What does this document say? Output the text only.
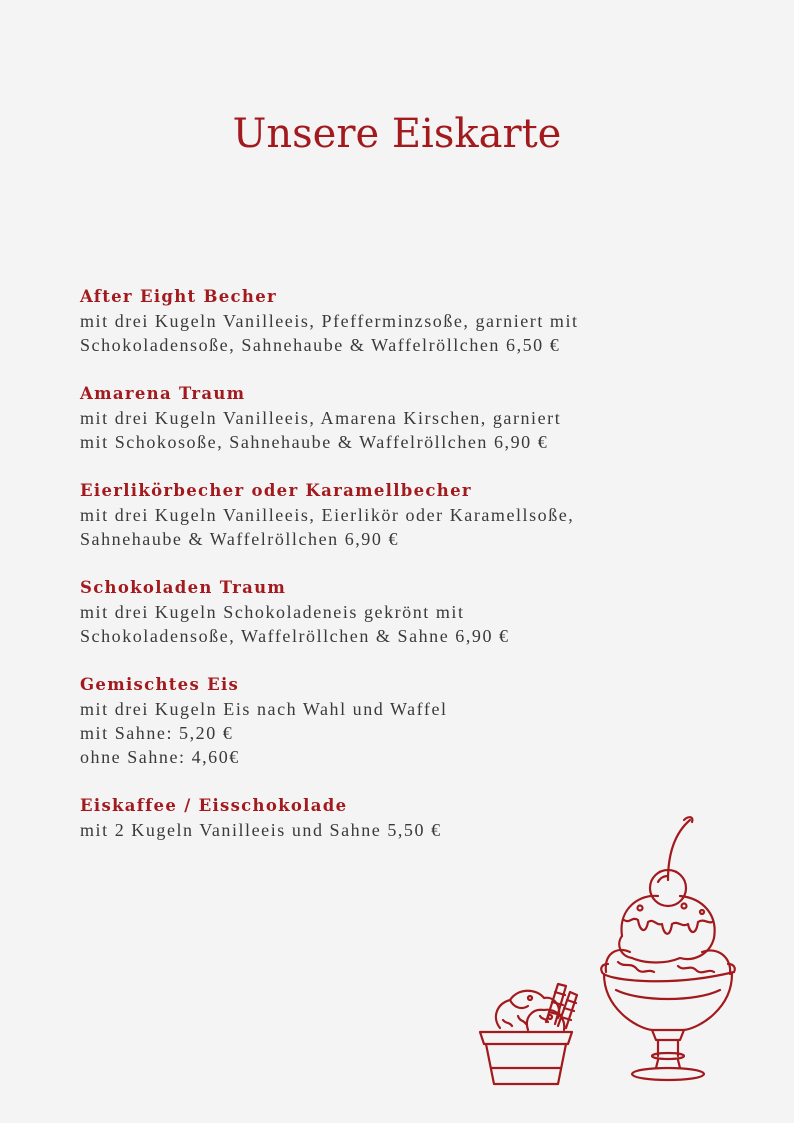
Unsere Eiskarte
After Eight Becher
mit drei Kugeln Vanilleeis, Pfefferminzsoße, garniert mit
Schokoladensoße, Sahnehaube & Waffelröllchen 6,50 €
Amarena Traum
mit drei Kugeln Vanilleeis, Amarena Kirschen, garniert
mit Schokosoße, Sahnehaube & Waffelröllchen 6,90 €
Eierlikörbecher oder Karamellbecher
mit drei Kugeln Vanilleeis, Eierlikör oder Karamellsoße,
Sahnehaube & Waffelröllchen 6,90 €
Schokoladen Traum
mit drei Kugeln Schokoladeneis gekrönt mit
Schokoladensoße, Waffelröllchen & Sahne 6,90 €
Gemischtes Eis
mit drei Kugeln Eis nach Wahl und Waffel
mit Sahne: 5,20 €
ohne Sahne: 4,60€
Eiskaffee / Eisschokolade
mit 2 Kugeln Vanilleeis und Sahne 5,50 €
